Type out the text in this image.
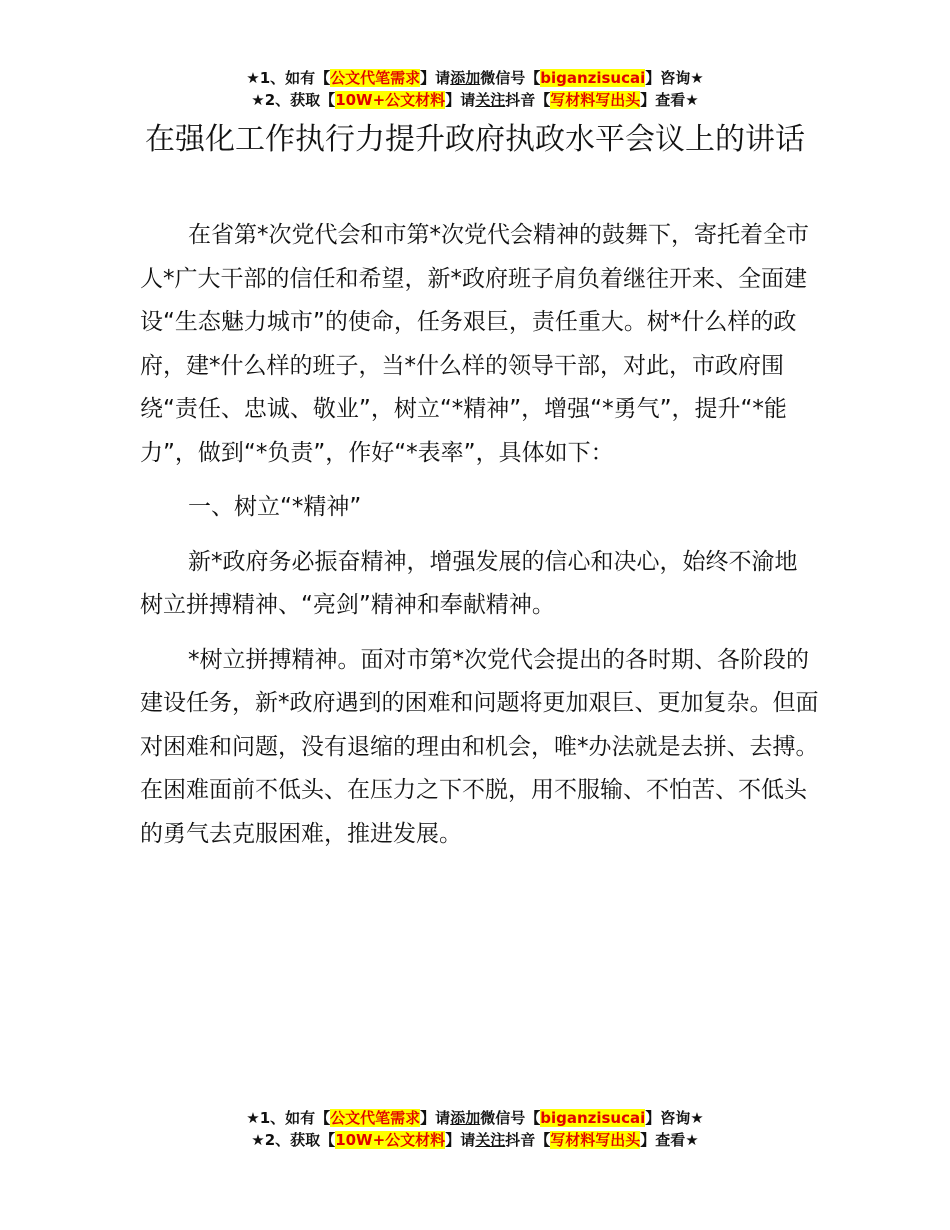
★1、如有【公文代笔需求】请添加微信号【biganzisucai】咨询★
★2、获取【10W+公文材料】请关注抖音【写材料写出头】查看★
在强化工作执行力提升政府执政水平会议上的讲话

在省第*次党代会和市第*次党代会精神的鼓舞下，寄托着全市人*广大干部的信任和希望，新*政府班子肩负着继往开来、全面建设“生态魅力城市”的使命，任务艰巨，责任重大。树*什么样的政府，建*什么样的班子，当*什么样的领导干部，对此，市政府围绕“责任、忠诚、敬业”，树立“*精神”，增强“*勇气”，提升“*能力”，做到“*负责”，作好“*表率”，具体如下：

一、树立“*精神”

新*政府务必振奋精神，增强发展的信心和决心，始终不渝地树立拼搏精神、“亮剑”精神和奉献精神。

*树立拼搏精神。面对市第*次党代会提出的各时期、各阶段的建设任务，新*政府遇到的困难和问题将更加艰巨、更加复杂。但面对困难和问题，没有退缩的理由和机会，唯*办法就是去拼、去搏。在困难面前不低头、在压力之下不脱，用不服输、不怕苦、不低头的勇气去克服困难，推进发展。

★1、如有【公文代笔需求】请添加微信号【biganzisucai】咨询★
★2、获取【10W+公文材料】请关注抖音【写材料写出头】查看★
